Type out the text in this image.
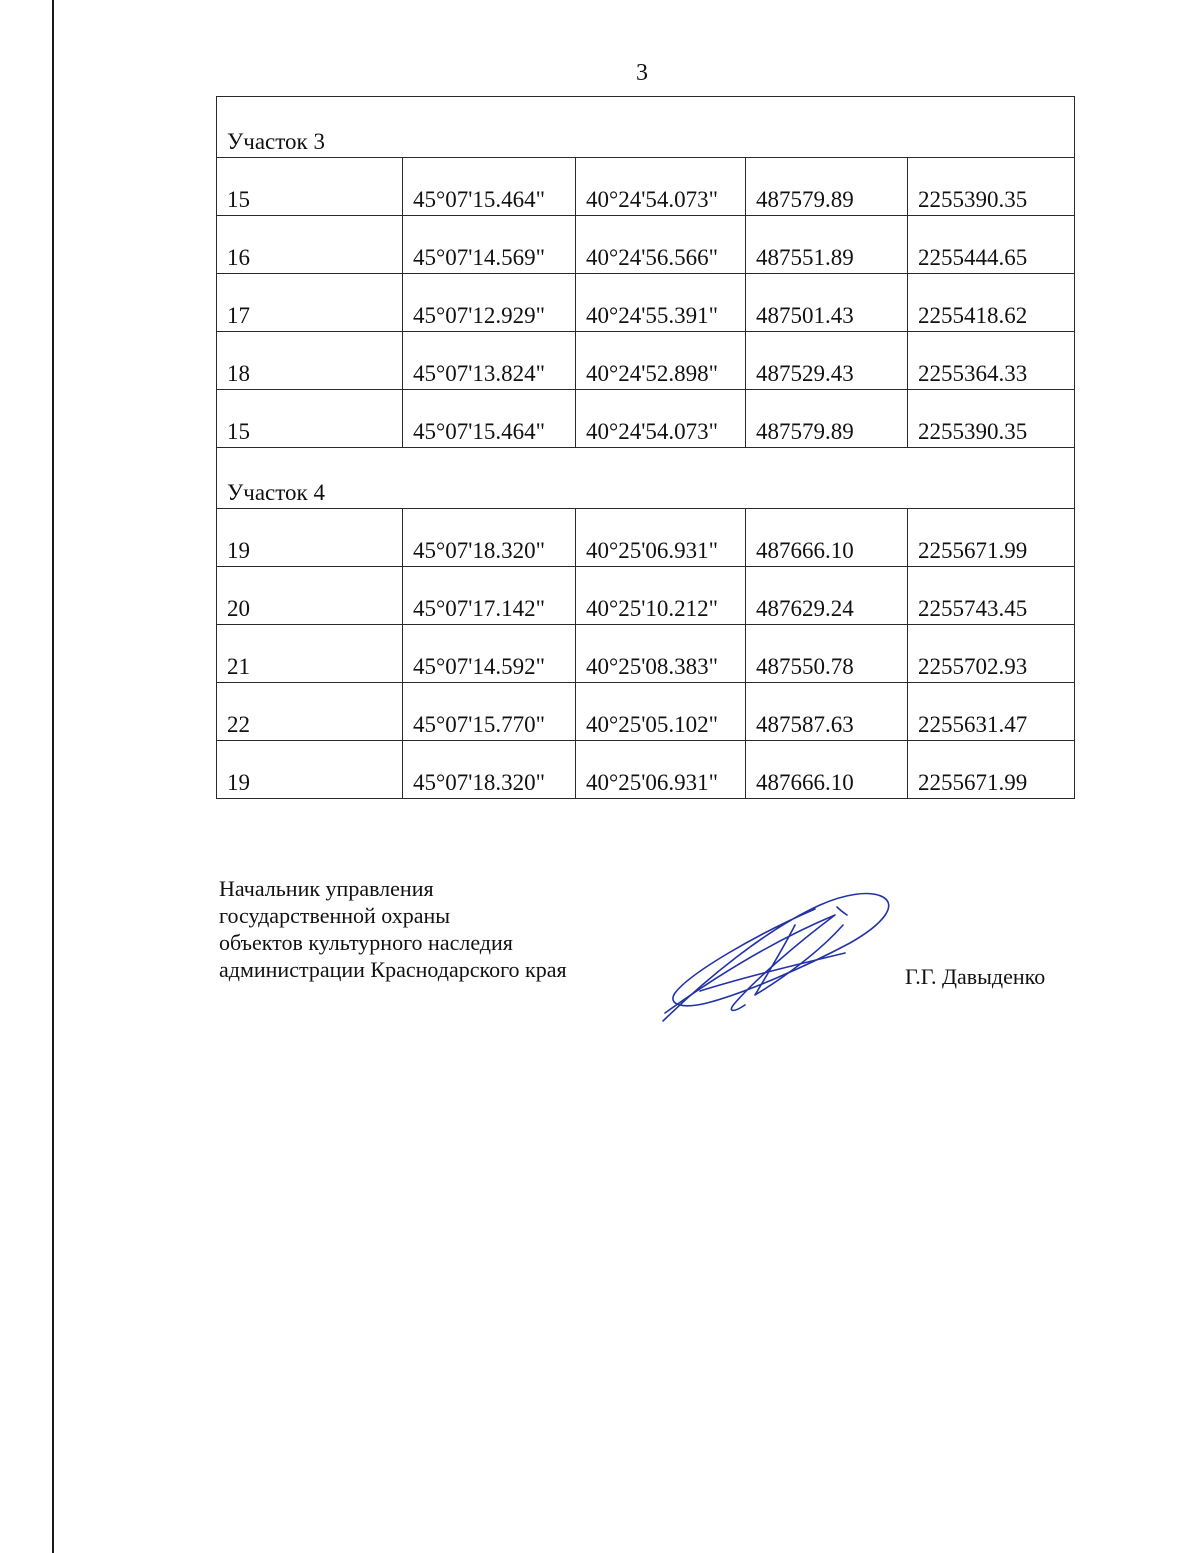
3
Участок 3				
15	45°07'15.464"	40°24'54.073"	487579.89	2255390.35
16	45°07'14.569"	40°24'56.566"	487551.89	2255444.65
17	45°07'12.929"	40°24'55.391"	487501.43	2255418.62
18	45°07'13.824"	40°24'52.898"	487529.43	2255364.33
15	45°07'15.464"	40°24'54.073"	487579.89	2255390.35
Участок 4				
19	45°07'18.320"	40°25'06.931"	487666.10	2255671.99
20	45°07'17.142"	40°25'10.212"	487629.24	2255743.45
21	45°07'14.592"	40°25'08.383"	487550.78	2255702.93
22	45°07'15.770"	40°25'05.102"	487587.63	2255631.47
19	45°07'18.320"	40°25'06.931"	487666.10	2255671.99
Начальник управления
государственной охраны
объектов культурного наследия
администрации Краснодарского края	Г.Г. Давыденко
